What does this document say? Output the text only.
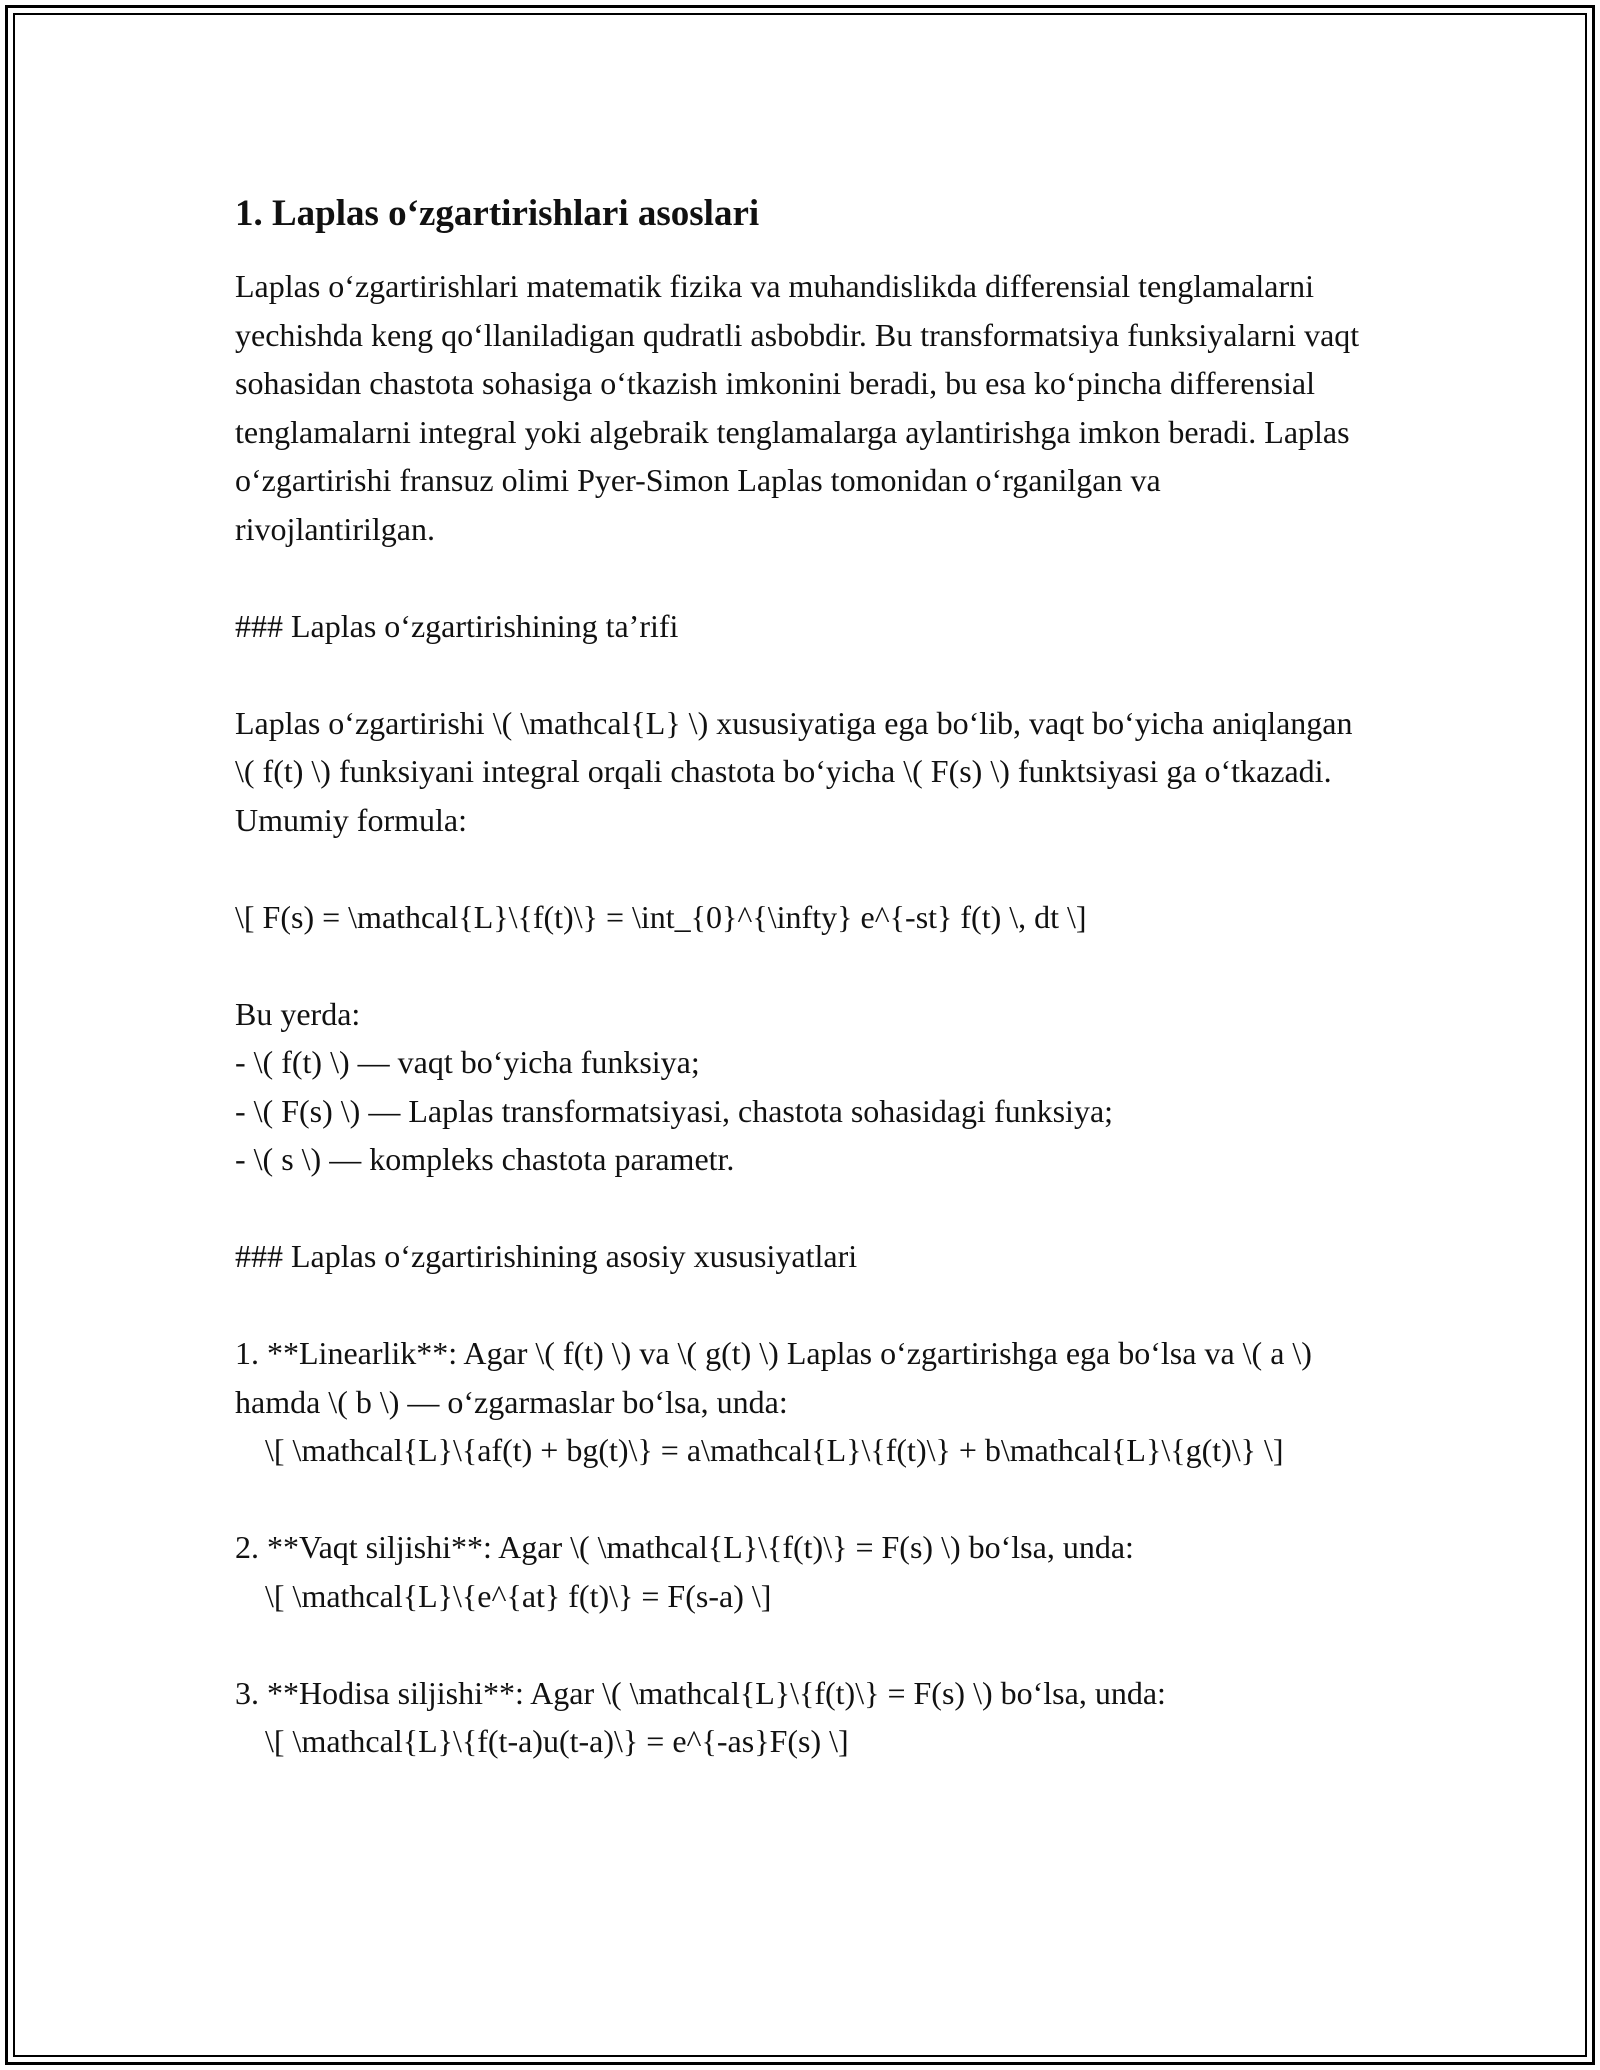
1. Laplas o‘zgartirishlari asoslari

Laplas o‘zgartirishlari matematik fizika va muhandislikda differensial tenglamalarni yechishda keng qo‘llaniladigan qudratli asbobdir. Bu transformatsiya funksiyalarni vaqt sohasidan chastota sohasiga o‘tkazish imkonini beradi, bu esa ko‘pincha differensial tenglamalarni integral yoki algebraik tenglamalarga aylantirishga imkon beradi. Laplas o‘zgartirishi fransuz olimi Pyer-Simon Laplas tomonidan o‘rganilgan va rivojlantirilgan.

### Laplas o‘zgartirishining ta’rifi

Laplas o‘zgartirishi \( \mathcal{L} \) xususiyatiga ega bo‘lib, vaqt bo‘yicha aniqlangan \( f(t) \) funksiyani integral orqali chastota bo‘yicha \( F(s) \) funktsiyasi ga o‘tkazadi. Umumiy formula:

\[ F(s) = \mathcal{L}\{f(t)\} = \int_{0}^{\infty} e^{-st} f(t) \, dt \]

Bu yerda:

- \( f(t) \) — vaqt bo‘yicha funksiya;

- \( F(s) \) — Laplas transformatsiyasi, chastota sohasidagi funksiya;

- \( s \) — kompleks chastota parametr.

### Laplas o‘zgartirishining asosiy xususiyatlari

1. **Linearlik**: Agar \( f(t) \) va \( g(t) \) Laplas o‘zgartirishga ega bo‘lsa va \( a \) hamda \( b \) — o‘zgarmaslar bo‘lsa, unda:

\[ \mathcal{L}\{af(t) + bg(t)\} = a\mathcal{L}\{f(t)\} + b\mathcal{L}\{g(t)\} \]

2. **Vaqt siljishi**: Agar \( \mathcal{L}\{f(t)\} = F(s) \) bo‘lsa, unda:

\[ \mathcal{L}\{e^{at} f(t)\} = F(s-a) \]

3. **Hodisa siljishi**: Agar \( \mathcal{L}\{f(t)\} = F(s) \) bo‘lsa, unda:

\[ \mathcal{L}\{f(t-a)u(t-a)\} = e^{-as}F(s) \]
